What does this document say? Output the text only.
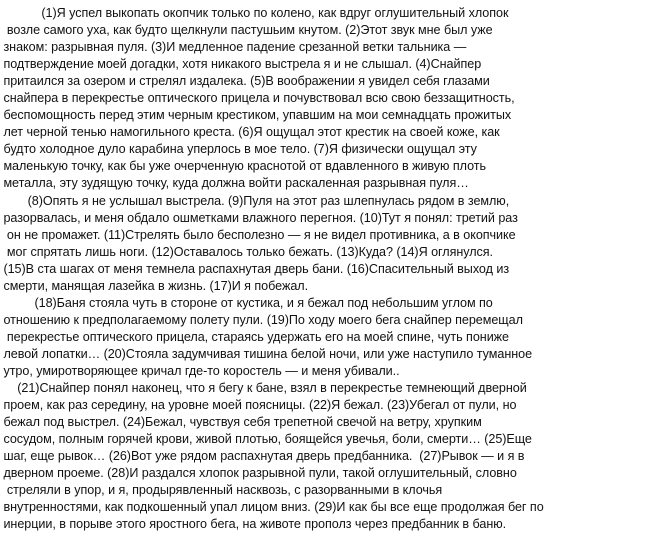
(1)Я успел выкопать окопчик только по колено, как вдруг оглушительный хлопок
возле самого уха, как будто щелкнули пастушьим кнутом. (2)Этот звук мне был уже
знаком: разрывная пуля. (3)И медленное падение срезанной ветки тальника —
подтверждение моей догадки, хотя никакого выстрела я и не слышал. (4)Снайпер
притаился за озером и стрелял издалека. (5)В воображении я увидел себя глазами
снайпера в перекрестье оптического прицела и почувствовал всю свою беззащитность,
беспомощность перед этим черным крестиком, упавшим на мои семнадцать прожитых
лет черной тенью намогильного креста. (6)Я ощущал этот крестик на своей коже, как
будто холодное дуло карабина уперлось в мое тело. (7)Я физически ощущал эту
маленькую точку, как бы уже очерченную краснотой от вдавленного в живую плоть
металла, эту зудящую точку, куда должна войти раскаленная разрывная пуля…
(8)Опять я не услышал выстрела. (9)Пуля на этот раз шлепнулась рядом в землю,
разорвалась, и меня обдало ошметками влажного перегноя. (10)Тут я понял: третий раз
он не промажет. (11)Стрелять было бесполезно — я не видел противника, а в окопчике
мог спрятать лишь ноги. (12)Оставалось только бежать. (13)Куда? (14)Я оглянулся.
(15)В ста шагах от меня темнела распахнутая дверь бани. (16)Спасительный выход из
смерти, манящая лазейка в жизнь. (17)И я побежал.
(18)Баня стояла чуть в стороне от кустика, и я бежал под небольшим углом по
отношению к предполагаемому полету пули. (19)По ходу моего бега снайпер перемещал
перекрестье оптического прицела, стараясь удержать его на моей спине, чуть пониже
левой лопатки… (20)Стояла задумчивая тишина белой ночи, или уже наступило туманное
утро, умиротворяющее кричал где-то коростель — и меня убивали..
(21)Снайпер понял наконец, что я бегу к бане, взял в перекрестье темнеющий дверной
проем, как раз середину, на уровне моей поясницы. (22)Я бежал. (23)Убегал от пули, но
бежал под выстрел. (24)Бежал, чувствуя себя трепетной свечой на ветру, хрупким
сосудом, полным горячей крови, живой плотью, боящейся увечья, боли, смерти… (25)Еще
шаг, еще рывок… (26)Вот уже рядом распахнутая дверь предбанника.  (27)Рывок — и я в
дверном проеме. (28)И раздался хлопок разрывной пули, такой оглушительный, словно
стреляли в упор, и я, продырявленный насквозь, с разорванными в клочья
внутренностями, как подкошенный упал лицом вниз. (29)И как бы все еще продолжая бег по
инерции, в порыве этого яростного бега, на животе прополз через предбанник в баню.
